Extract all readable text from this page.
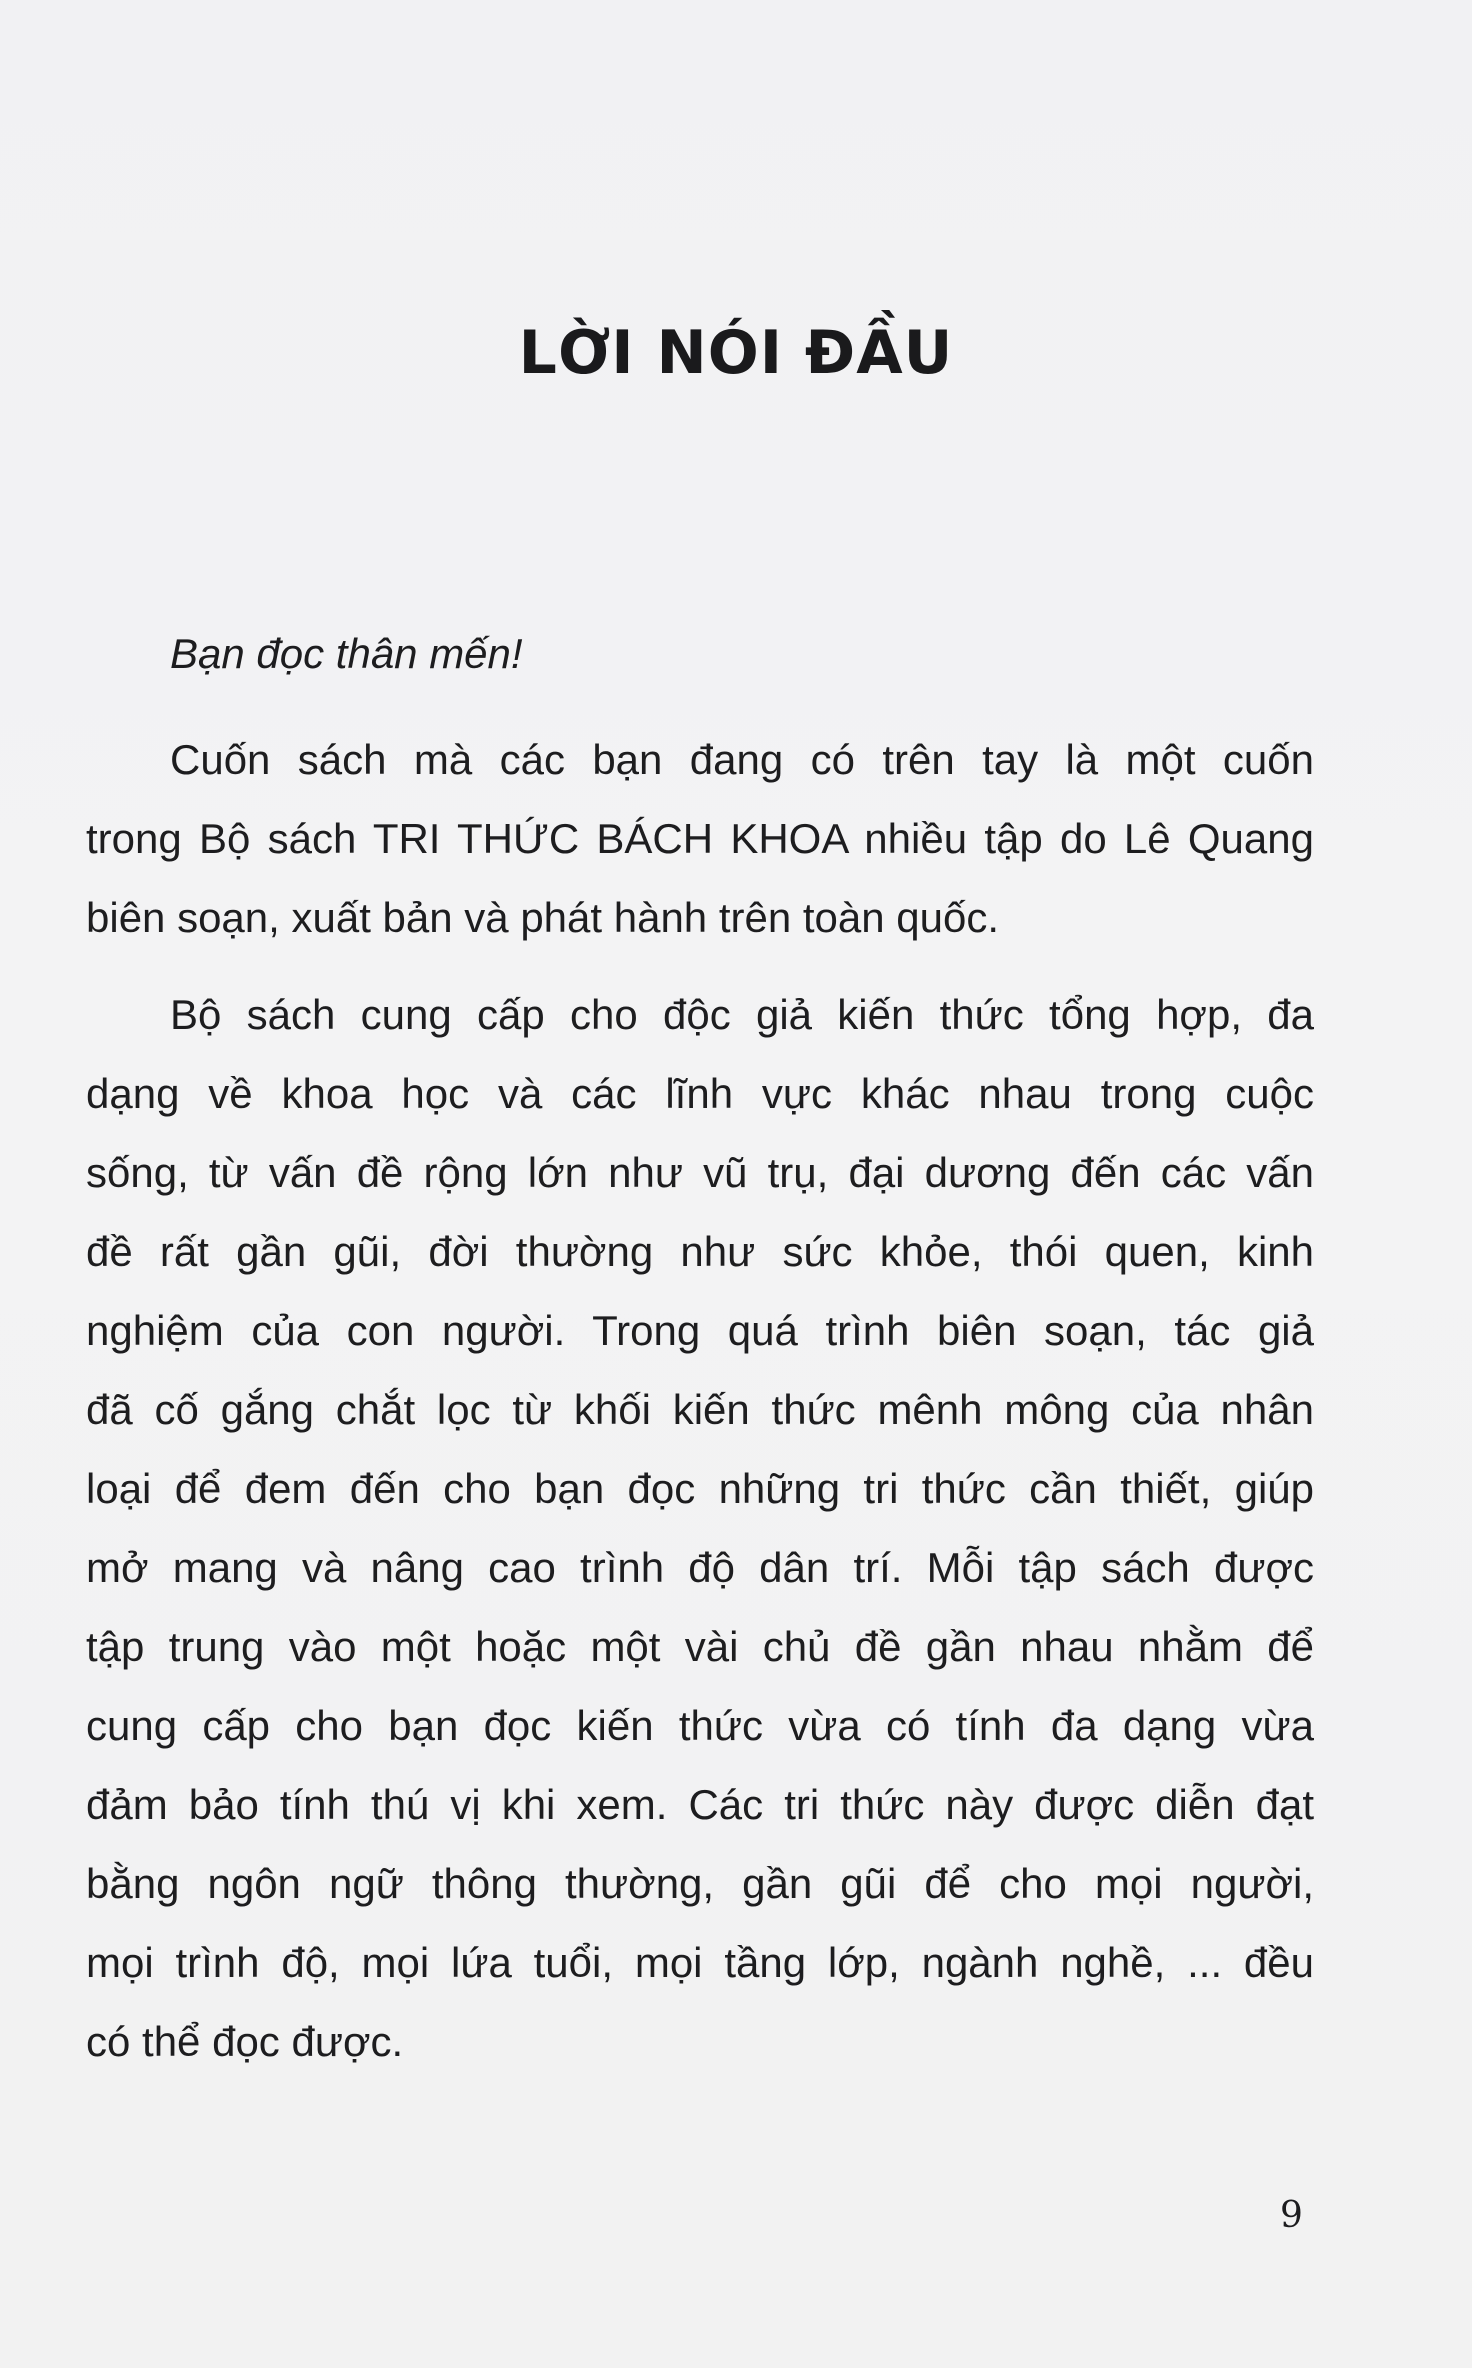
LỜI NÓI ĐẦU
Bạn đọc thân mến!
Cuốn sách mà các bạn đang có trên tay là một cuốn
trong Bộ sách TRI THỨC BÁCH KHOA nhiều tập do Lê Quang
biên soạn, xuất bản và phát hành trên toàn quốc.
Bộ sách cung cấp cho độc giả kiến thức tổng hợp, đa
dạng về khoa học và các lĩnh vực khác nhau trong cuộc
sống, từ vấn đề rộng lớn như vũ trụ, đại dương đến các vấn
đề rất gần gũi, đời thường như sức khỏe, thói quen, kinh
nghiệm của con người. Trong quá trình biên soạn, tác giả
đã cố gắng chắt lọc từ khối kiến thức mênh mông của nhân
loại để đem đến cho bạn đọc những tri thức cần thiết, giúp
mở mang và nâng cao trình độ dân trí. Mỗi tập sách được
tập trung vào một hoặc một vài chủ đề gần nhau nhằm để
cung cấp cho bạn đọc kiến thức vừa có tính đa dạng vừa
đảm bảo tính thú vị khi xem. Các tri thức này được diễn đạt
bằng ngôn ngữ thông thường, gần gũi để cho mọi người,
mọi trình độ, mọi lứa tuổi, mọi tầng lớp, ngành nghề, ... đều
có thể đọc được.
9
